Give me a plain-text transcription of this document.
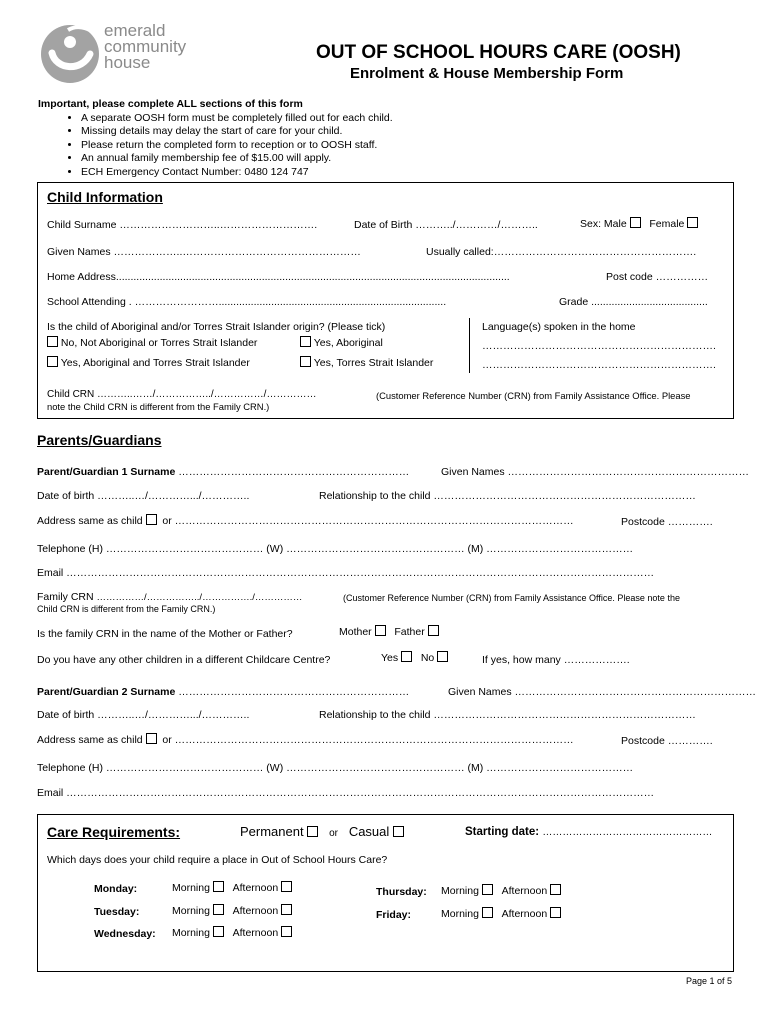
emerald
community
house	OUT OF SCHOOL HOURS CARE (OOSH)
Enrolment & House Membership Form
Important, please complete ALL sections of this form
• A separate OOSH form must be completely filled out for each child.
• Missing details may delay the start of care for your child.
• Please return the completed form to reception or to OOSH staff.
• An annual family membership fee of $15.00 will apply.
• ECH Emergency Contact Number: 0480 124 747
Child Information
Child Surname ………………………..……………………….	Date of Birth ………../…………/………..	Sex: Male Female
Given Names ………………..……………………………………………	Usually called:………………………………………………….
Home Address.......................................................................................................................................	Post code ……………
School Attending . ……………………..............................................................................	Grade ........................................
Is the child of Aboriginal and/or Torres Strait Islander origin? (Please tick)	Language(s) spoken in the home
No, Not Aboriginal or Torres Strait Islander	Yes, Aboriginal	………………………………………………………….
Yes, Aboriginal and Torres Strait Islander	Yes, Torres Strait Islander	………………………………………………………….
Child CRN ………..……/……………../……………/……………	(Customer Reference Number (CRN) from Family Assistance Office. Please
note the Child CRN is different from the Family CRN.)
Parents/Guardians
Parent/Guardian 1 Surname …………………………………………………………	Given Names ……………………………………………………………
Date of birth ………..…/………….../…………..	Relationship to the child …………………………………………………………………
Address same as child or ……………………………………………………………………………………………………	Postcode ………….
Telephone (H) ……………………………………… (W) …………………………………………… (M) ……………………………………
Email ……………………………………………………………………………………………………………………………………………………
Family CRN ……………/……………../……………./……………	(Customer Reference Number (CRN) from Family Assistance Office. Please note the
Child CRN is different from the Family CRN.)
Is the family CRN in the name of the Mother or Father?	Mother Father
Do you have any other children in a different Childcare Centre?	Yes No	If yes, how many ……………….
Parent/Guardian 2 Surname …………………………………………………………	Given Names ……………………………………………………………
Date of birth ………..…/………….../…………..	Relationship to the child …………………………………………………………………
Address same as child or ……………………………………………………………………………………………………	Postcode ………….
Telephone (H) ……………………………………… (W) …………………………………………… (M) ……………………………………
Email ……………………………………………………………………………………………………………………………………………………
Care Requirements:	Permanent	or Casual	Starting date: ……………………………………………
Which days does your child require a place in Out of School Hours Care?
Monday:	Morning Afternoon
Tuesday:	Morning Afternoon
Wednesday: Morning Afternoon
Thursday: Morning Afternoon
Friday:	Morning Afternoon
Page 1 of 5
